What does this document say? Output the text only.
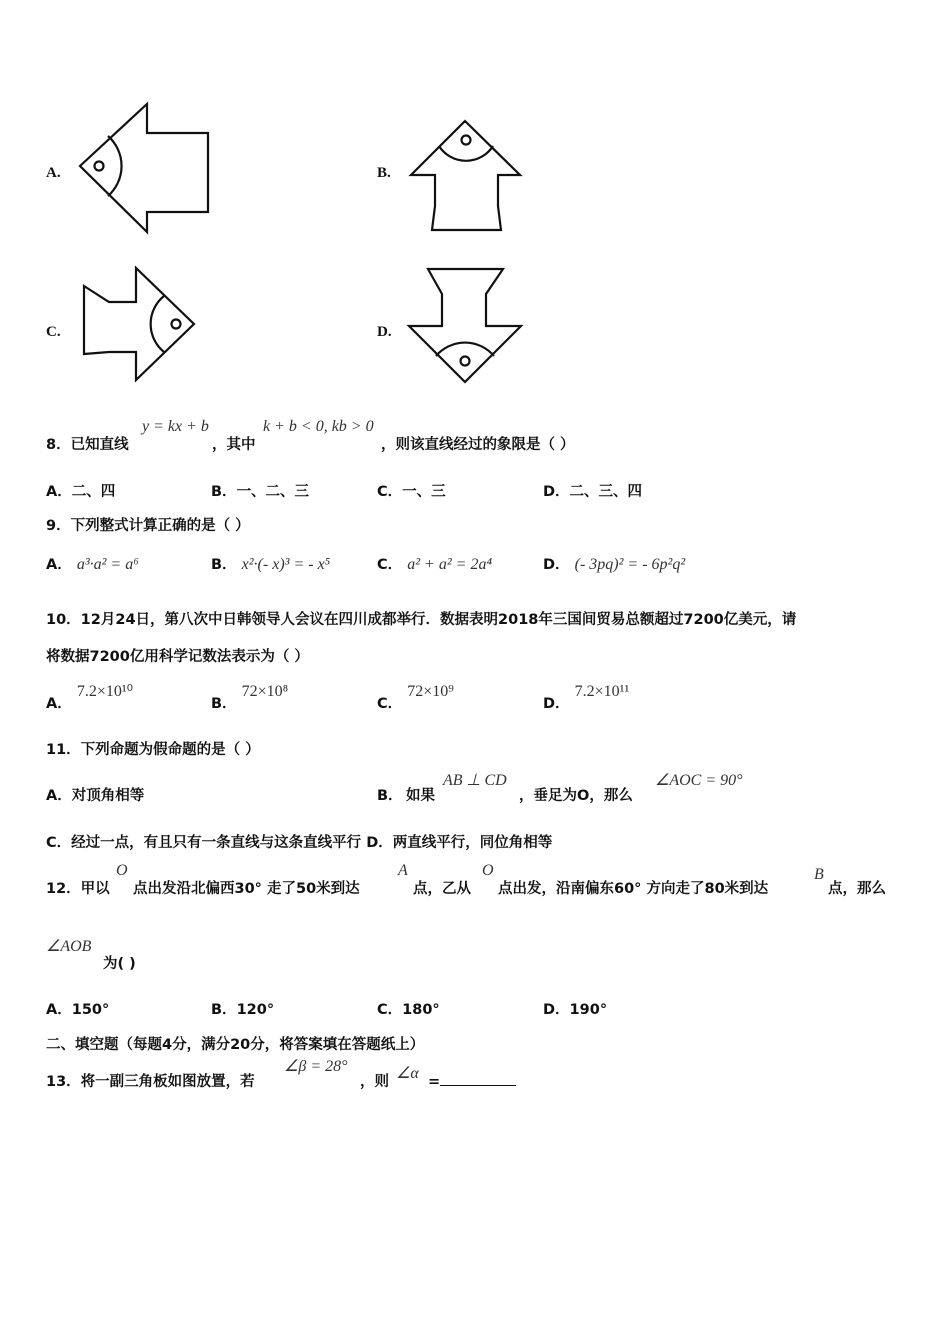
A.	B.
C.	D.
8．已知直线
y = kx + b
，其中
k + b < 0, kb > 0
，则该直线经过的象限是（ ）
A．二、四	B．一、二、三	C．一、三	D．二、三、四
9．下列整式计算正确的是（ ）
A． a³·a² = a⁶	B． x²·(- x)³ = - x⁵	C． a² + a² = 2a⁴	D． (- 3pq)² = - 6p²q²
10．12月24日，第八次中日韩领导人会议在四川成都举行．数据表明2018年三国间贸易总额超过7200亿美元，请
将数据7200亿用科学记数法表示为（ ）
A． 7.2×10¹⁰
B． 72×10⁸
C． 72×10⁹
D． 7.2×10¹¹
11．下列命题为假命题的是（ ）
A．对顶角相等	B． 如果
AB ⊥ CD
，垂足为O，那么
∠AOC = 90°
C．经过一点，有且只有一条直线与这条直线平行 D．两直线平行，同位角相等
12．甲以
O
点出发沿北偏西30° 走了50米到达
A
点，乙从
O
点出发，沿南偏东60° 方向走了80米到达
B
点，那么
∠AOB
为( )
A．150°	B．120°	C．180°	D．190°
二、填空题（每题4分，满分20分，将答案填在答题纸上）
13．将一副三角板如图放置，若
∠β = 28°
，则 ∠α =
